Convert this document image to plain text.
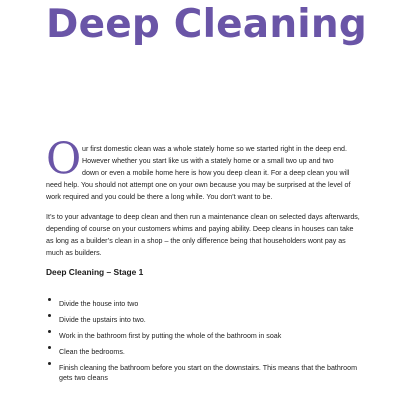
Deep Cleaning
O ur first domestic clean was a whole stately home so we started right in the deep end.
However whether you start like us with a stately home or a small two up and two
down or even a mobile home here is how you deep clean it. For a deep clean you will
need help. You should not attempt one on your own because you may be surprised at the level of
work required and you could be there a long while. You don’t want to be.
It’s to your advantage to deep clean and then run a maintenance clean on selected days afterwards,
depending of course on your customers whims and paying ability. Deep cleans in houses can take
as long as a builder’s clean in a shop – the only difference being that householders wont pay as
much as builders.
Deep Cleaning – Stage 1
Divide the house into two
Divide the upstairs into two.
Work in the bathroom first by putting the whole of the bathroom in soak
Clean the bedrooms.
Finish cleaning the bathroom before you start on the downstairs. This means that the bathroom
gets two cleans
